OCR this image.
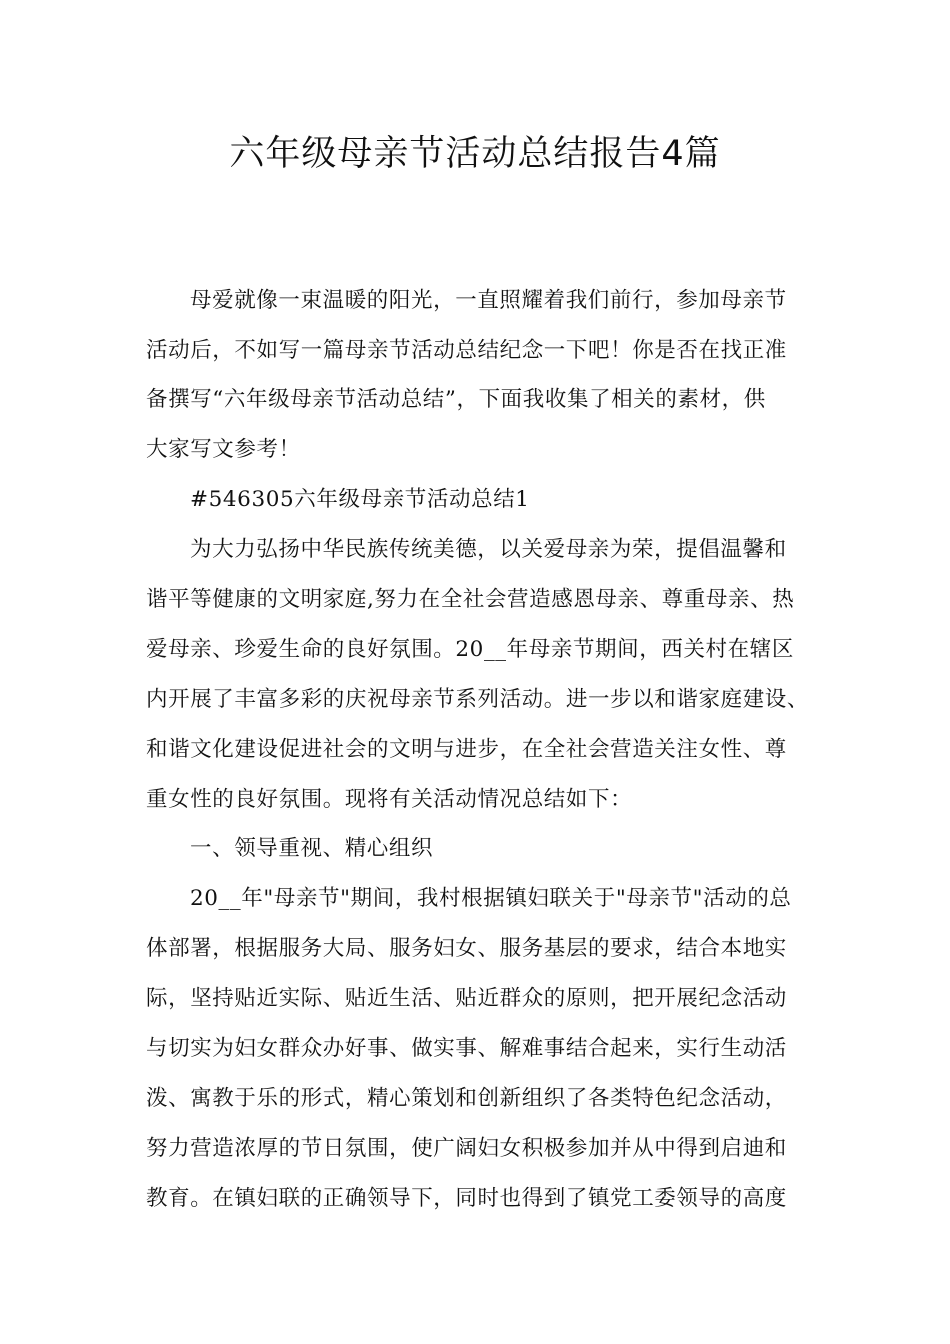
六年级母亲节活动总结报告4篇
母爱就像一束温暖的阳光，一直照耀着我们前行，参加母亲节
活动后，不如写一篇母亲节活动总结纪念一下吧！你是否在找正准
备撰写“六年级母亲节活动总结”，下面我收集了相关的素材，供
大家写文参考！
#546305六年级母亲节活动总结1
为大力弘扬中华民族传统美德，以关爱母亲为荣，提倡温馨和
谐平等健康的文明家庭,努力在全社会营造感恩母亲、尊重母亲、热
爱母亲、珍爱生命的良好氛围。20__年母亲节期间，西关村在辖区
内开展了丰富多彩的庆祝母亲节系列活动。进一步以和谐家庭建设、
和谐文化建设促进社会的文明与进步，在全社会营造关注女性、尊
重女性的良好氛围。现将有关活动情况总结如下：
一、领导重视、精心组织
20__年"母亲节"期间，我村根据镇妇联关于"母亲节"活动的总
体部署，根据服务大局、服务妇女、服务基层的要求，结合本地实
际，坚持贴近实际、贴近生活、贴近群众的原则，把开展纪念活动
与切实为妇女群众办好事、做实事、解难事结合起来，实行生动活
泼、寓教于乐的形式，精心策划和创新组织了各类特色纪念活动，
努力营造浓厚的节日氛围，使广阔妇女积极参加并从中得到启迪和
教育。在镇妇联的正确领导下，同时也得到了镇党工委领导的高度
